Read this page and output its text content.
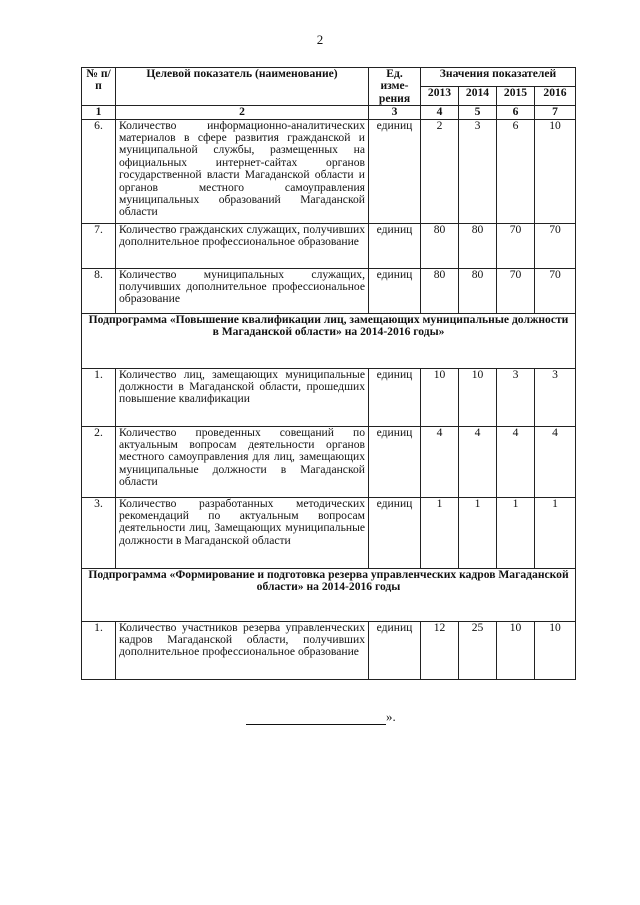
2
№ п/п	Целевой показатель (наименование)	Ед. изме-рения	Значения показателей			
			2013	2014	2015	2016
1	2	3	4	5	6	7
6.	Количество информационно-аналитических материалов в сфере развития гражданской и муниципальной службы, размещенных на официальных интернет-сайтах органов государственной власти Магаданской области и органов местного самоуправления муниципальных образований Магаданской области	единиц	2	3	6	10
7.	Количество гражданских служащих, получивших дополнительное профессиональное образование	единиц	80	80	70	70
8.	Количество муниципальных служащих, получивших дополнительное профессиональное образование	единиц	80	80	70	70
Подпрограмма «Повышение квалификации лиц, замещающих муниципальные должности в Магаданской области» на 2014-2016 годы»						
1.	Количество лиц, замещающих муниципальные должности в Магаданской области, прошедших повышение квалификации	единиц	10	10	3	3
2.	Количество проведенных совещаний по актуальным вопросам деятельности органов местного самоуправления для лиц, замещающих муниципальные должности в Магаданской области	единиц	4	4	4	4
3.	Количество разработанных методических рекомендаций по актуальным вопросам деятельности лиц, Замещающих муниципальные должности в Магаданской области	единиц	1	1	1	1
Подпрограмма «Формирование и подготовка резерва управленческих кадров Магаданской области» на 2014-2016 годы						
1.	Количество участников резерва управленческих кадров Магаданской области, получивших дополнительное профессиональное образование	единиц	12	25	10	10
».
